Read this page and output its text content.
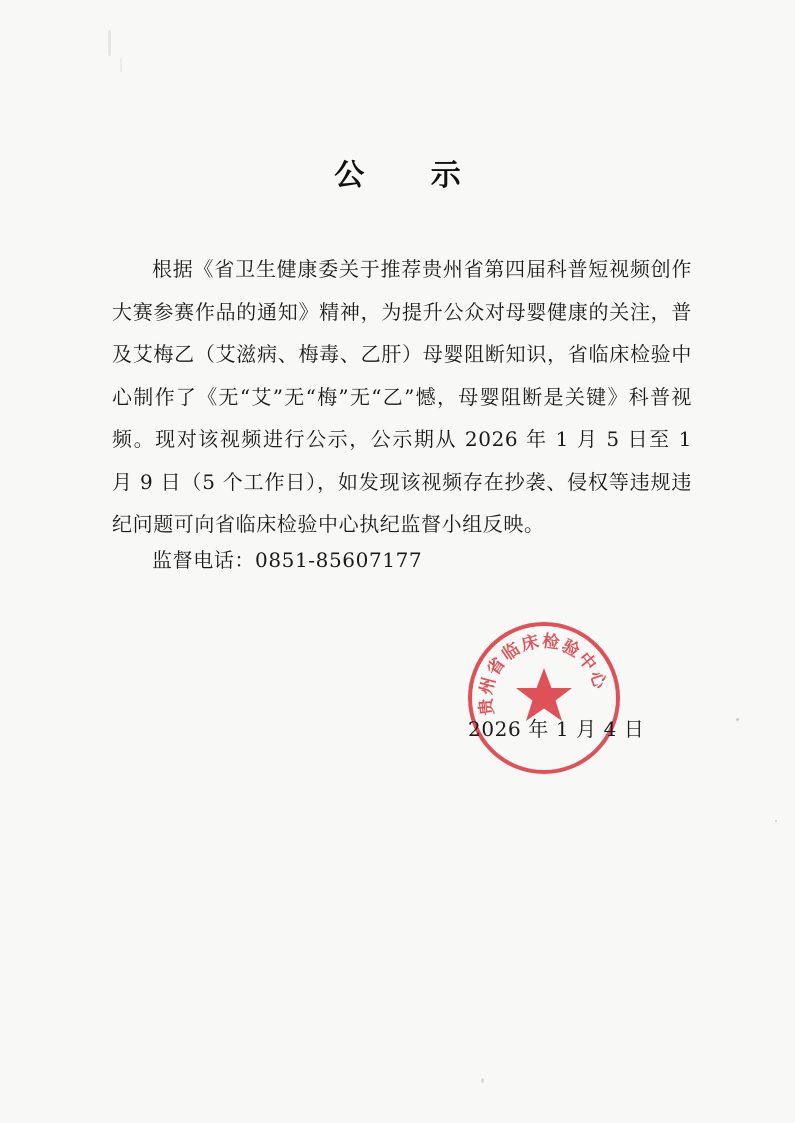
公 示
根据《省卫生健康委关于推荐贵州省第四届科普短视频创作大赛参赛作品的通知》精神，为提升公众对母婴健康的关注，普及艾梅乙（艾滋病、梅毒、乙肝）母婴阻断知识，省临床检验中心制作了《无“艾”无“梅”无“乙”憾，母婴阻断是关键》科普视频。现对该视频进行公示，公示期从 2026 年 1 月 5 日至 1 月 9 日（5 个工作日），如发现该视频存在抄袭、侵权等违规违纪问题可向省临床检验中心执纪监督小组反映。
监督电话：0851-85607177
贵州省临床检验中心
2026 年 1 月 4 日
